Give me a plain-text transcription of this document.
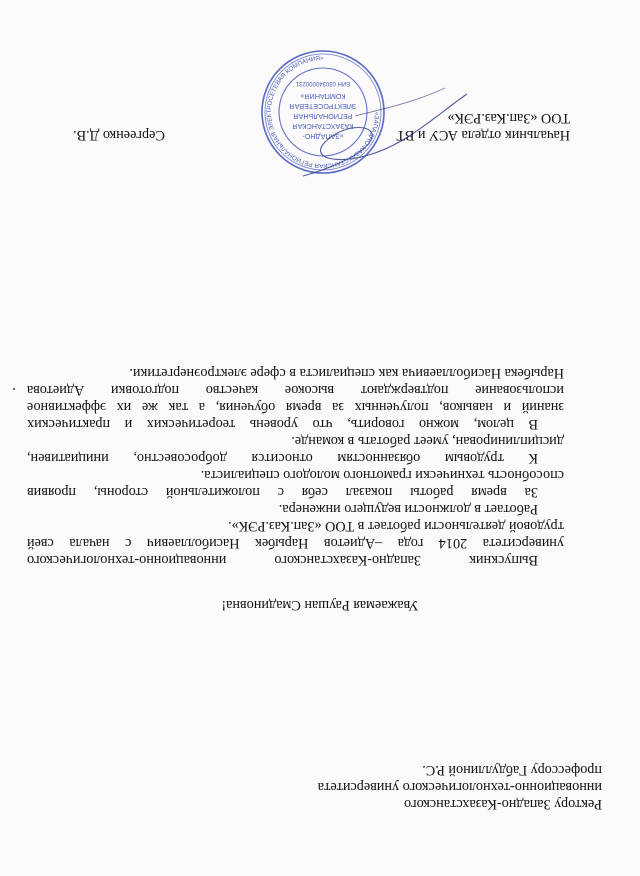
Ректору Западно-Казахстанского
инновационно-технологического университета
профессору Габдуллиной Р.С.
Уважаемая Раушан Смадиновна!
Выпускник Западно-Казахстанского инновационно-технологического
университета 2014 года –Адиетов Нарыбек Насиболлаевич с начала свей
трудовой деятельности работает в ТОО «Зап.Каз.РЭК».
Работает в должности ведущего инженера.
За время работы показал себя с положительной стороны, проявив
способность технически грамотного молодого специалиста.
К трудовым обязанностям относится добросовестно, инициативен,
дисциплинирован, умеет работать в команде.
В целом, можно говорить, что уровень теоретических и практических
знаний и навыков, полученных за время обучения, а так же их эффективное
использование подтверждают высокое качество подготовки Адиетова
Нарыбека Насиболлаевича как специалиста в сфере электроэнергетики.
Начальник отдела АСУ и ВТ
ТОО «Зап.Каз.РЭК»
Сергеенко Д.В.
«ЗАПАДНО-КАЗАХСТАНСКАЯ РЕГИОНАЛЬНАЯ ЭЛЕКТРОСЕТЕВАЯ КОМПАНИЯ»
«ЗАПАДНО-
КАЗАХСТАНСКАЯ
РЕГИОНАЛЬНАЯ
ЭЛЕКТРОСЕТЕВАЯ
КОМПАНИЯ»
БИН 030340000231
